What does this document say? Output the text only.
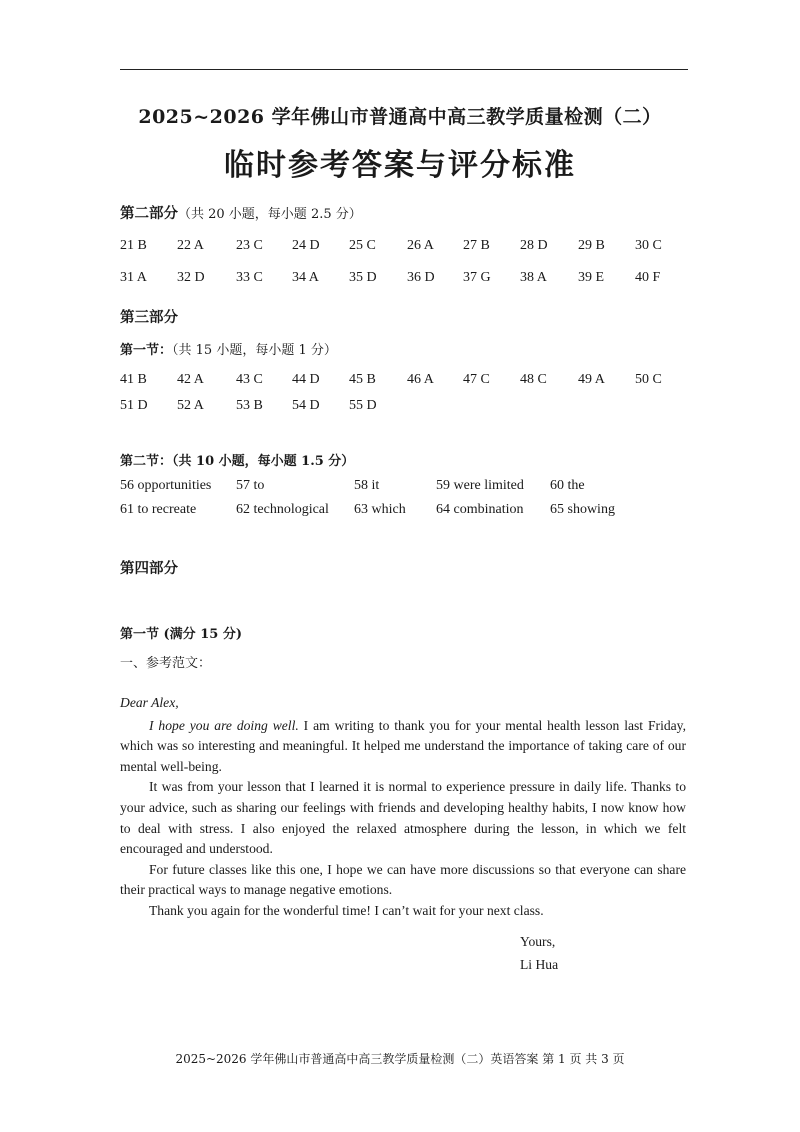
2025~2026 学年佛山市普通高中高三教学质量检测（二）
临时参考答案与评分标准
第二部分（共 20 小题，每小题 2.5 分）
21 B 22 A 23 C 24 D 25 C 26 A 27 B 28 D 29 B 30 C
31 A 32 D 33 C 34 A 35 D 36 D 37 G 38 A 39 E 40 F
第三部分
第一节：（共 15 小题，每小题 1 分）
41 B 42 A 43 C 44 D 45 B 46 A 47 C 48 C 49 A 50 C
51 D 52 A 53 B 54 D 55 D
第二节：（共 10 小题，每小题 1.5 分）
56 opportunities 57 to	58 it	59 were limited 60 the
61 to recreate	62 technological 63 which 64 combination 65 showing
第四部分
第一节 (满分 15 分)
一、参考范文：

Dear Alex,

I hope you are doing well. I am writing to thank you for your mental health lesson last Friday, which was so interesting and meaningful. It helped me understand the importance of taking care of our mental well-being.

It was from your lesson that I learned it is normal to experience pressure in daily life. Thanks to your advice, such as sharing our feelings with friends and developing healthy habits, I now know how to deal with stress. I also enjoyed the relaxed atmosphere during the lesson, in which we felt encouraged and understood.

For future classes like this one, I hope we can have more discussions so that everyone can share their practical ways to manage negative emotions.

Thank you again for the wonderful time! I can’t wait for your next class.

Yours,
Li Hua
2025~2026 学年佛山市普通高中高三教学质量检测（二）英语答案 第 1 页 共 3 页
